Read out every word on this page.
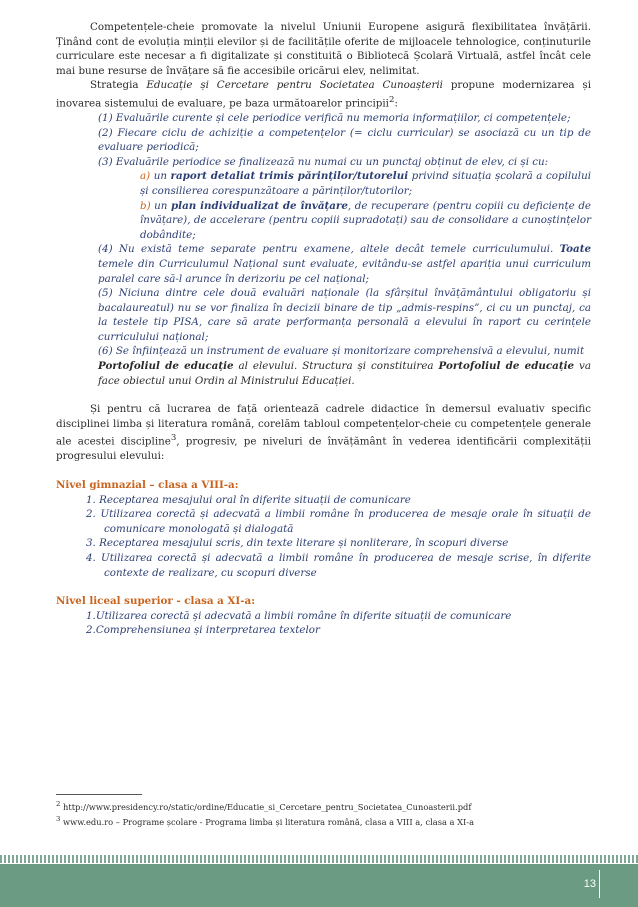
Competențele-cheie promovate la nivelul Uniunii Europene asigură flexibilitatea învățării. Ținând cont de evoluția minții elevilor și de facilitățile oferite de mijloacele tehnologice, conținuturile curriculare este necesar a fi digitalizate și constituită o Bibliotecă Școlară Virtuală, astfel încât cele mai bune resurse de învățare să fie accesibile oricărui elev, nelimitat.

Strategia Educație și Cercetare pentru Societatea Cunoașterii propune modernizarea și inovarea sistemului de evaluare, pe baza următoarelor principii$^2$:

(1) Evaluările curente și cele periodice verifică nu memoria informațiilor, ci competențele;

(2) Fiecare ciclu de achiziție a competențelor (= ciclu curricular) se asociază cu un tip de evaluare periodică;

(3) Evaluările periodice se finalizează nu numai cu un punctaj obținut de elev, ci și cu:

a) un raport detaliat trimis părinților/tutorelui privind situația școlară a copilului și consilierea corespunzătoare a părinților/tutorilor;

b) un plan individualizat de învățare, de recuperare (pentru copiii cu deficiențe de învățare), de accelerare (pentru copiii supradotați) sau de consolidare a cunoștințelor dobândite;

(4) Nu există teme separate pentru examene, altele decât temele curriculumului. Toate temele din Curriculumul Național sunt evaluate, evitându-se astfel apariția unui curriculum paralel care să-l arunce în derizoriu pe cel național;

(5) Niciuna dintre cele două evaluări naționale (la sfârșitul învățământului obligatoriu și bacalaureatul) nu se vor finaliza în decizii binare de tip „admis-respins”, ci cu un punctaj, ca la testele tip PISA, care să arate performanța personală a elevului în raport cu cerințele curriculului național;

(6) Se înființează un instrument de evaluare și monitorizare comprehensivă a elevului, numit

Portofoliul de educație al elevului. Structura și constituirea Portofoliul de educație va face obiectul unui Ordin al Ministrului Educației.

Și pentru că lucrarea de față orientează cadrele didactice în demersul evaluativ specific disciplinei limba și literatura română, corelăm tabloul competențelor-cheie cu competențele generale ale acestei discipline$^3$, progresiv, pe niveluri de învățământ în vederea identificării complexității progresului elevului:

Nivel gimnazial – clasa a VIII-a:

1. Receptarea mesajului oral în diferite situații de comunicare

2. Utilizarea corectă și adecvată a limbii române în producerea de mesaje orale în situații de comunicare monologată și dialogată

3. Receptarea mesajului scris, din texte literare și nonliterare, în scopuri diverse

4. Utilizarea corectă și adecvată a limbii române în producerea de mesaje scrise, în diferite contexte de realizare, cu scopuri diverse

Nivel liceal superior - clasa a XI-a:

1.Utilizarea corectă și adecvată a limbii române în diferite situații de comunicare

2.Comprehensiunea și interpretarea textelor

$^2$ http://www.presidency.ro/static/ordine/Educatie_si_Cercetare_pentru_Societatea_Cunoasterii.pdf
$^3$ www.edu.ro – Programe școlare - Programa limba și literatura română, clasa a VIII a, clasa a XI-a
13
